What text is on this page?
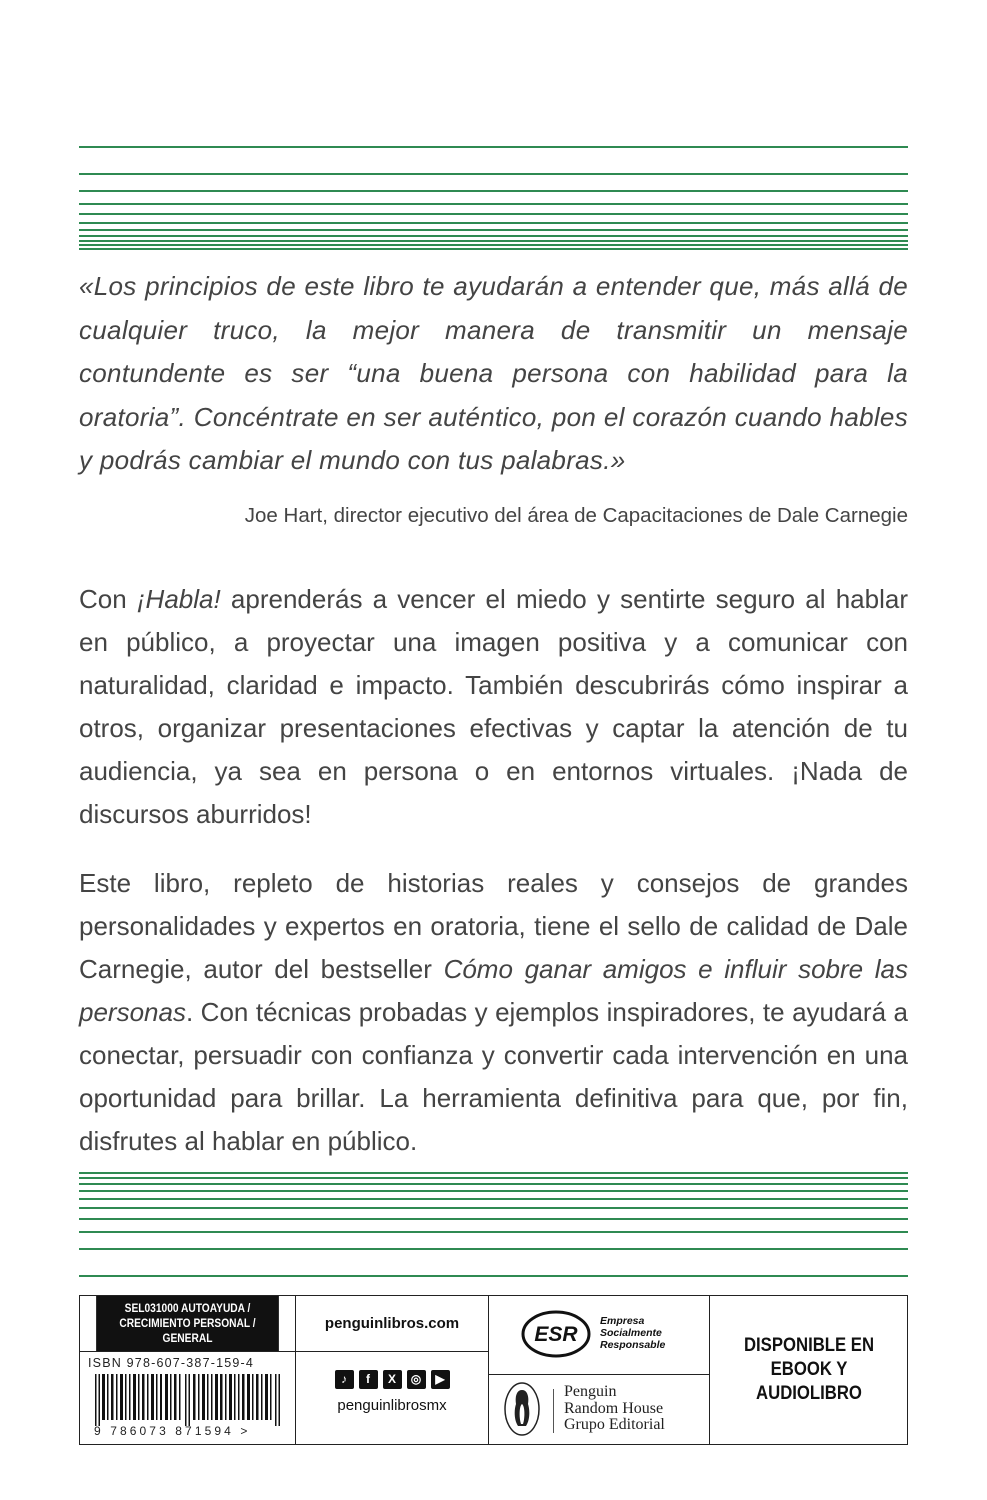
«Los principios de este libro te ayudarán a entender que, más allá de cualquier truco, la mejor manera de transmitir un mensaje contundente es ser “una buena persona con habilidad para la oratoria”. Concéntrate en ser auténtico, pon el corazón cuando hables y podrás cambiar el mundo con tus palabras.»
Joe Hart, director ejecutivo del área de Capacitaciones de Dale Carnegie
Con ¡Habla! aprenderás a vencer el miedo y sentirte seguro al hablar en público, a proyectar una imagen positiva y a comunicar con naturalidad, claridad e impacto. También descubrirás cómo inspirar a otros, organizar presentaciones efectivas y captar la atención de tu audiencia, ya sea en persona o en entornos virtuales. ¡Nada de discursos aburridos!
Este libro, repleto de historias reales y consejos de grandes personalidades y expertos en oratoria, tiene el sello de calidad de Dale Carnegie, autor del bestseller Cómo ganar amigos e influir sobre las personas. Con técnicas probadas y ejemplos inspiradores, te ayudará a conectar, persuadir con confianza y convertir cada intervención en una oportunidad para brillar. La herramienta definitiva para que, por fin, disfrutes al hablar en público.
SEL031000 AUTOAYUDA /
CRECIMIENTO PERSONAL / GENERAL
ISBN 978-607-387-159-4
9 786073 871594 >
penguinlibros.com
♪	f	X	◎	▶
penguinlibrosmx
ESR
Empresa
Socialmente
Responsable
Penguin
Random House
Grupo Editorial
DISPONIBLE EN
EBOOK Y AUDIOLIBRO
